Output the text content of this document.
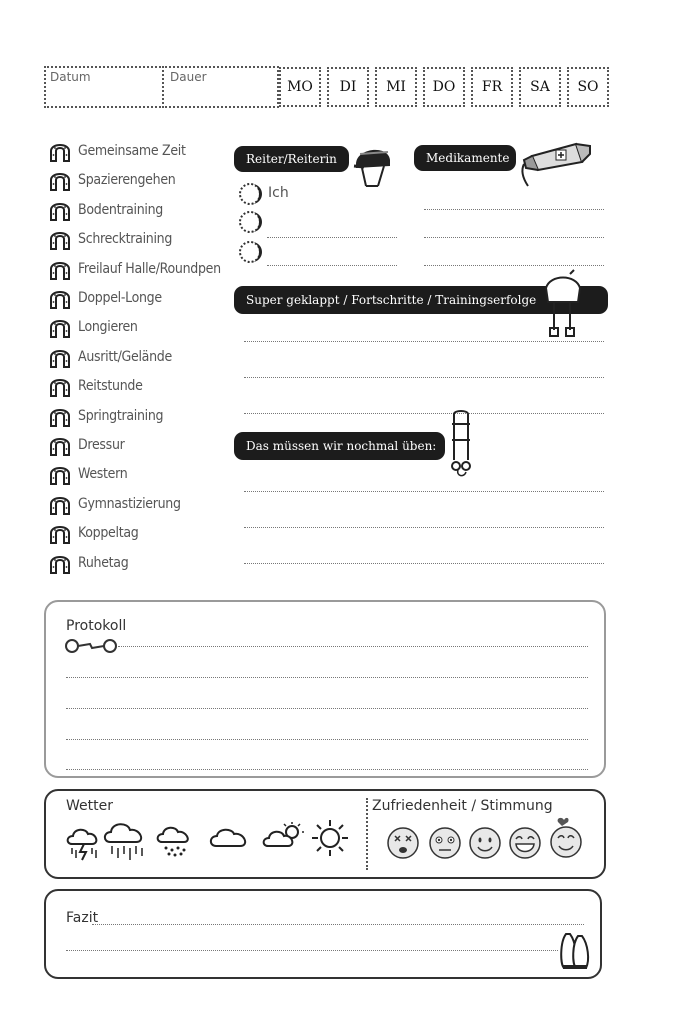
Datum	Dauer
MO	DI	MI	DO	FR	SA	SO
Gemeinsame Zeit
Spazierengehen
Bodentraining
Schrecktraining
Freilauf Halle/Roundpen
Doppel-Longe
Longieren
Ausritt/Gelände
Reitstunde
Springtraining
Dressur
Western
Gymnastizierung
Koppeltag
Ruhetag
Reiter/Reiterin
Ich
Medikamente
Super geklappt / Fortschritte / Trainingserfolge
Das müssen wir nochmal üben:
Protokoll
Wetter	Zufriedenheit / Stimmung
Fazit
